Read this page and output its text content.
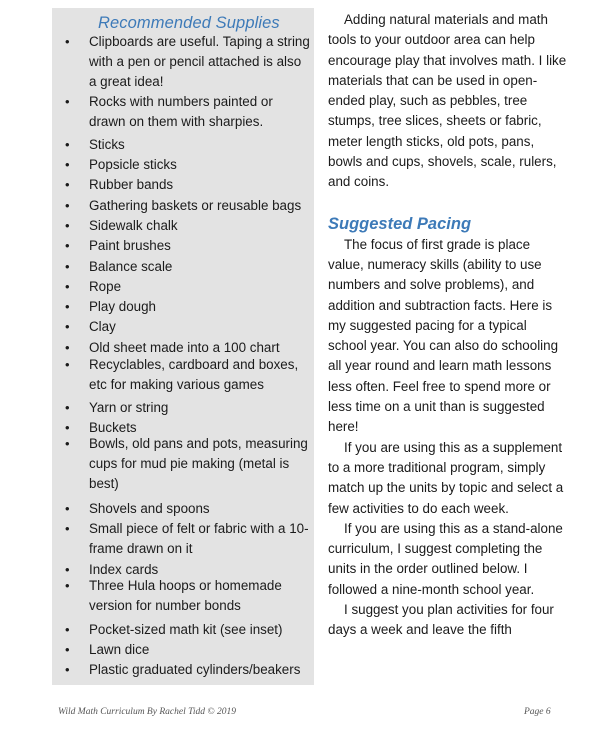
Recommended Supplies
•	Clipboards are useful. Taping a string with a pen or pencil attached is also a great idea!
•	Rocks with numbers painted or drawn on them with sharpies.
•	Sticks
•	Popsicle sticks
•	Rubber bands
•	Gathering baskets or reusable bags
•	Sidewalk chalk
•	Paint brushes
•	Balance scale
•	Rope
•	Play dough
•	Clay
•	Old sheet made into a 100 chart
•	Recyclables, cardboard and boxes, etc for making various games
•	Yarn or string
•	Buckets
•	Bowls, old pans and pots, measuring cups for mud pie making (metal is best)
•	Shovels and spoons
•	Small piece of felt or fabric with a 10-frame drawn on it
•	Index cards
•	Three Hula hoops or homemade version for number bonds
•	Pocket-sized math kit (see inset)
•	Lawn dice
•	Plastic graduated cylinders/beakers

Adding natural materials and math tools to your outdoor area can help encourage play that involves math. I like materials that can be used in open-ended play, such as pebbles, tree stumps, tree slices, sheets or fabric, meter length sticks, old pots, pans, bowls and cups, shovels, scale, rulers, and coins.

Suggested Pacing

The focus of first grade is place value, numeracy skills (ability to use numbers and solve problems), and addition and subtraction facts. Here is my suggested pacing for a typical school year. You can also do schooling all year round and learn math lessons less often. Feel free to spend more or less time on a unit than is suggested here!

If you are using this as a supplement to a more traditional program, simply match up the units by topic and select a few activities to do each week.

If you are using this as a stand-alone curriculum, I suggest completing the units in the order outlined below. I followed a nine-month school year.

I suggest you plan activities for four days a week and leave the fifth

Wild Math Curriculum By Rachel Tidd © 2019	Page 6
